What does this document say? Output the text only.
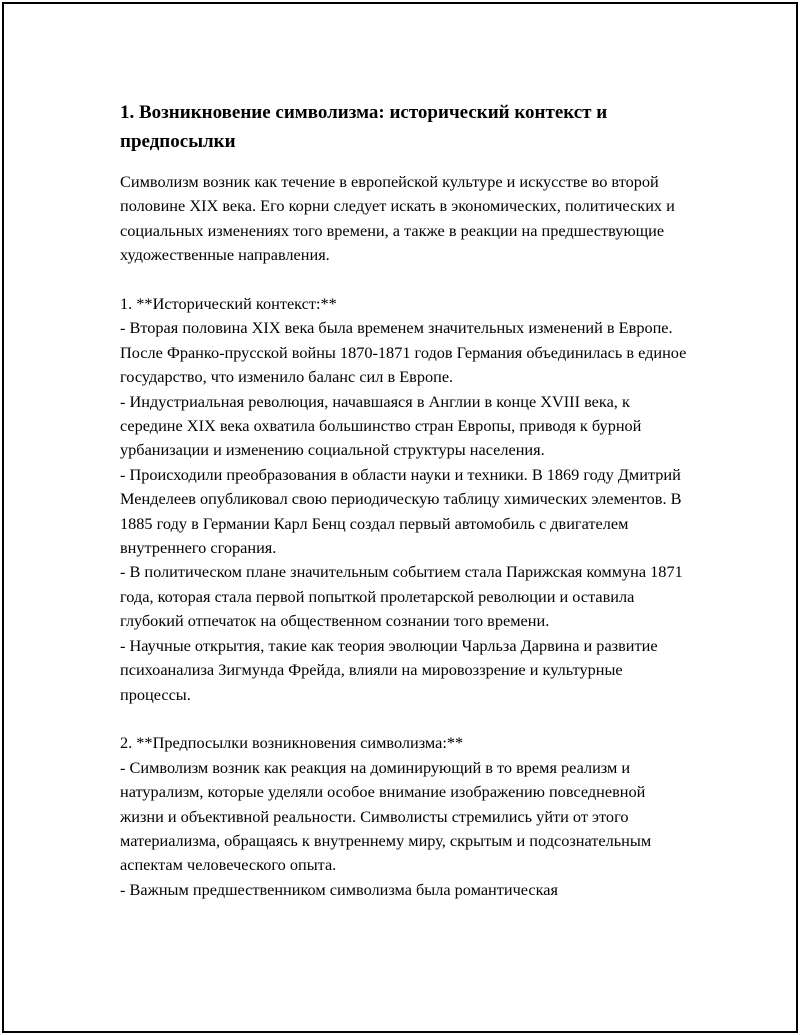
1. Возникновение символизма: исторический контекст и предпосылки

Символизм возник как течение в европейской культуре и искусстве во второй половине XIX века. Его корни следует искать в экономических, политических и социальных изменениях того времени, а также в реакции на предшествующие художественные направления.

1. **Исторический контекст:**

- Вторая половина XIX века была временем значительных изменений в Европе. После Франко-прусской войны 1870-1871 годов Германия объединилась в единое государство, что изменило баланс сил в Европе.

- Индустриальная революция, начавшаяся в Англии в конце XVIII века, к середине XIX века охватила большинство стран Европы, приводя к бурной урбанизации и изменению социальной структуры населения.

- Происходили преобразования в области науки и техники. В 1869 году Дмитрий Менделеев опубликовал свою периодическую таблицу химических элементов. В 1885 году в Германии Карл Бенц создал первый автомобиль с двигателем внутреннего сгорания.

- В политическом плане значительным событием стала Парижская коммуна 1871 года, которая стала первой попыткой пролетарской революции и оставила глубокий отпечаток на общественном сознании того времени.

- Научные открытия, такие как теория эволюции Чарльза Дарвина и развитие психоанализа Зигмунда Фрейда, влияли на мировоззрение и культурные процессы.

2. **Предпосылки возникновения символизма:**

- Символизм возник как реакция на доминирующий в то время реализм и натурализм, которые уделяли особое внимание изображению повседневной жизни и объективной реальности. Символисты стремились уйти от этого материализма, обращаясь к внутреннему миру, скрытым и подсознательным аспектам человеческого опыта.

- Важным предшественником символизма была романтическая
